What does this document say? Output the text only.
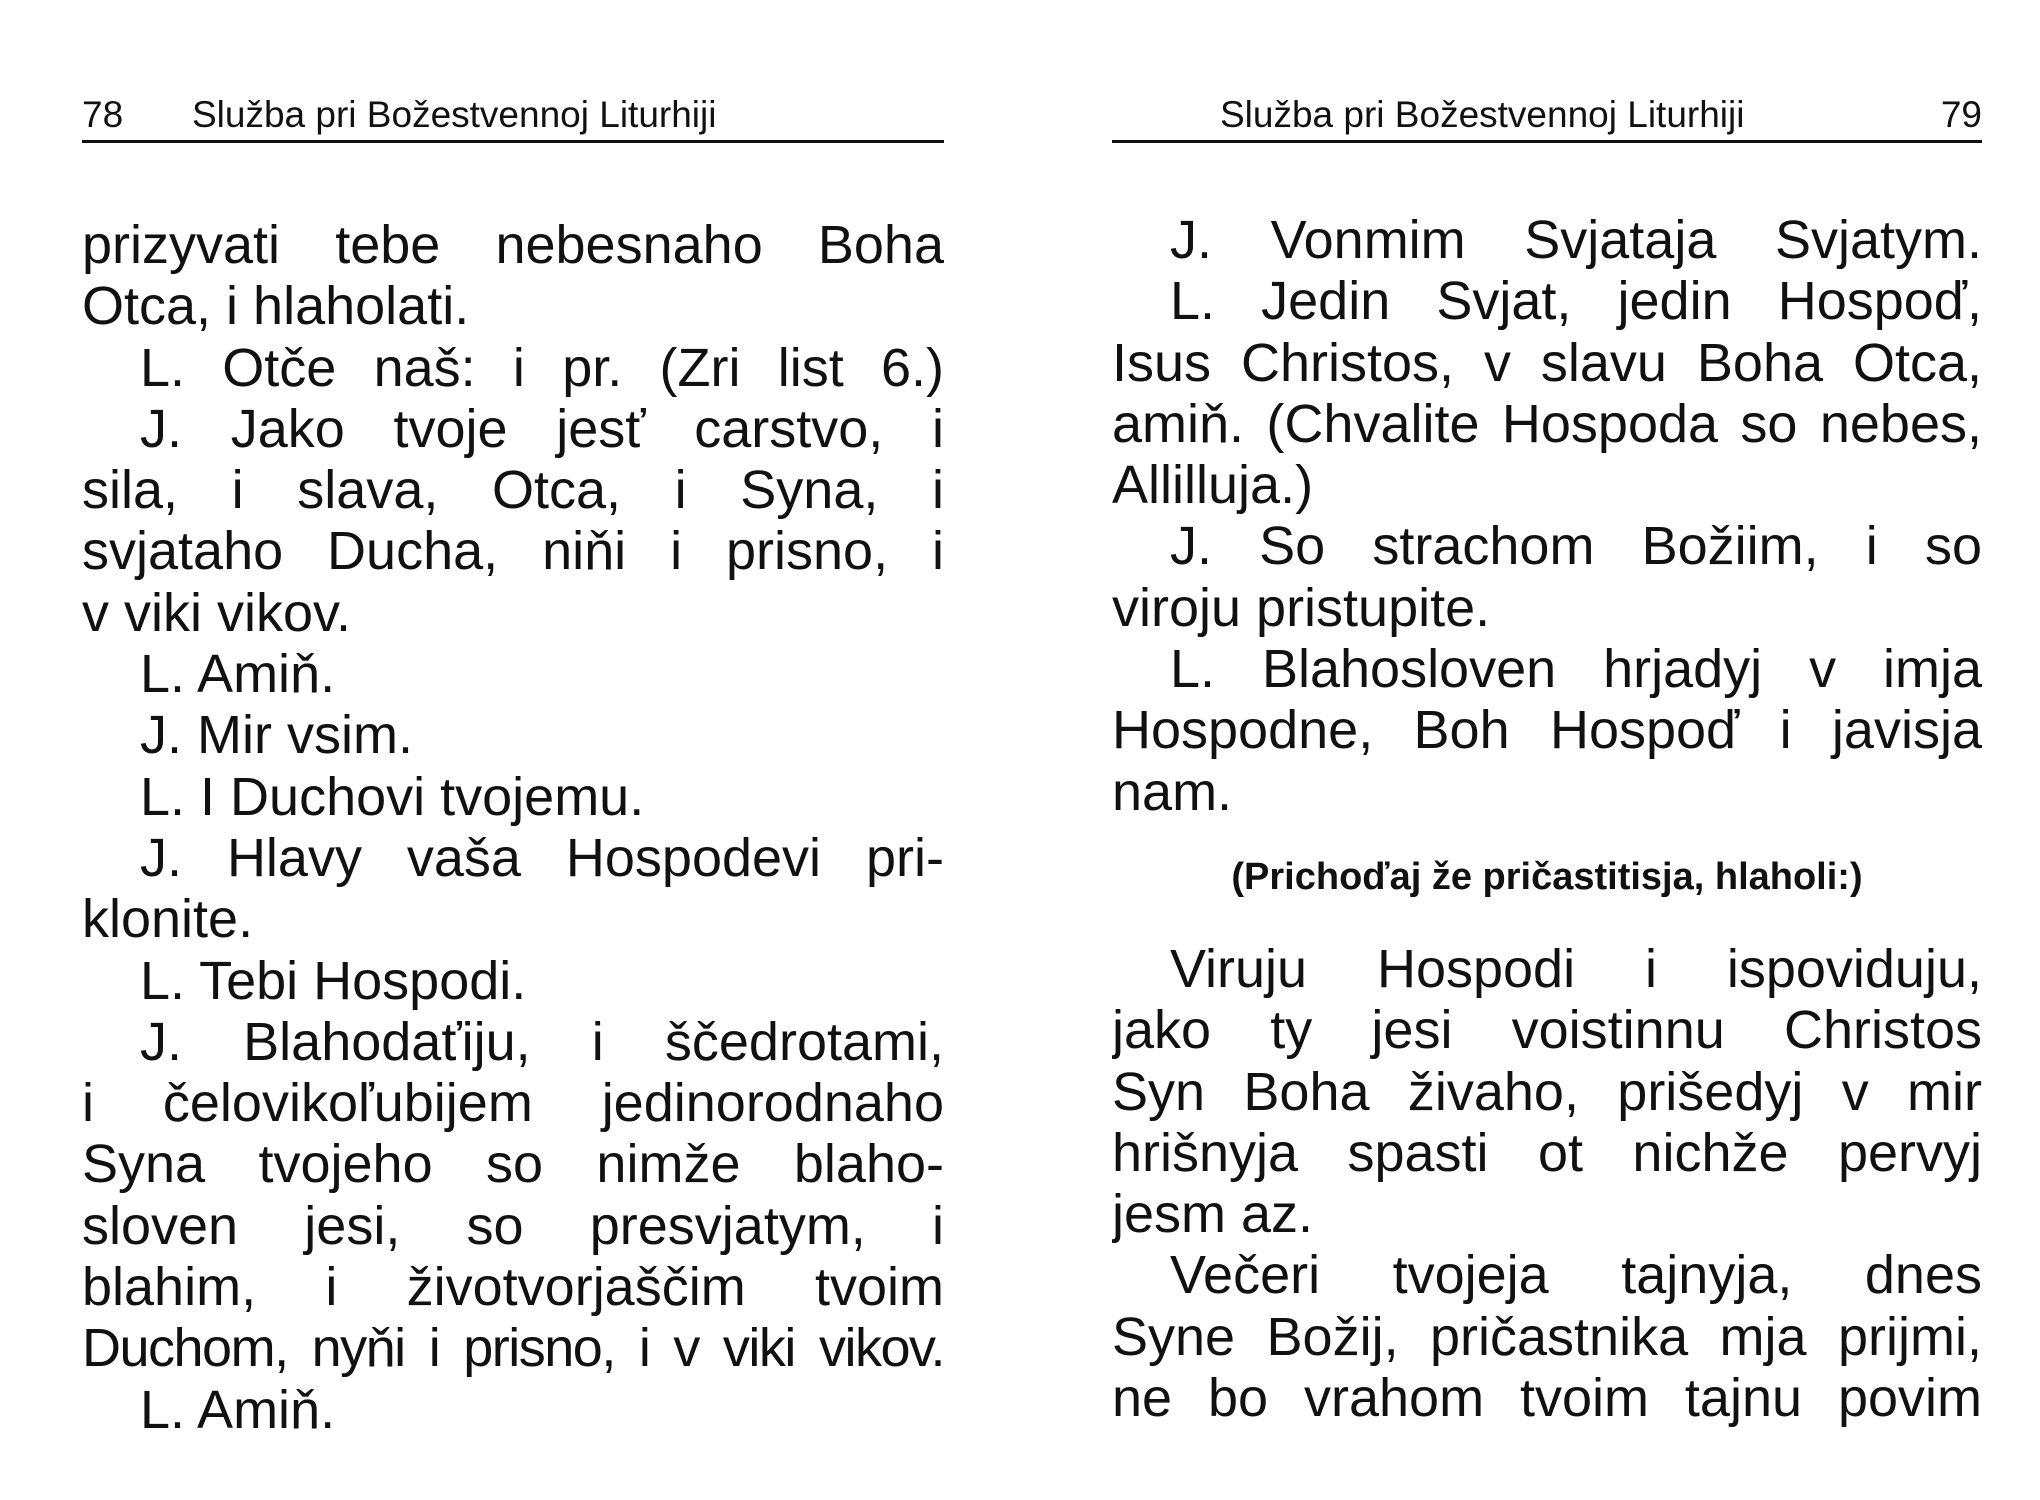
78 Služba pri Božestvennoj Liturhiji
prizyvati tebe nebesnaho Boha
Otca, i hlaholati.
L. Otče naš: i pr. (Zri list 6.)
J. Jako tvoje jesť carstvo, i
sila, i slava, Otca, i Syna, i
svjataho Ducha, niňi i prisno, i
v viki vikov.
L. Amiň.
J. Mir vsim.
L. I Duchovi tvojemu.
J. Hlavy vaša Hospodevi pri-
klonite.
L. Tebi Hospodi.
J. Blahodaťiju, i ščedrotami,
i čelovikoľubijem jedinorodnaho
Syna tvojeho so nimže blaho-
sloven jesi, so presvjatym, i
blahim, i životvorjaščim tvoim
Duchom, nyňi i prisno, i v viki vikov.
L. Amiň.
Služba pri Božestvennoj Liturhiji	79
J. Vonmim Svjataja Svjatym.
L. Jedin Svjat, jedin Hospoď,
Isus Christos, v slavu Boha Otca,
amiň. (Chvalite Hospoda so nebes,
Allilluja.)
J. So strachom Božiim, i so
viroju pristupite.
L. Blahosloven hrjadyj v imja
Hospodne, Boh Hospoď i javisja
nam.
(Prichoďaj že pričastitisja, hlaholi:)
Viruju Hospodi i ispoviduju,
jako ty jesi voistinnu Christos
Syn Boha živaho, prišedyj v mir
hrišnyja spasti ot nichže pervyj
jesm az.
Večeri tvojeja tajnyja, dnes
Syne Božij, pričastnika mja prijmi,
ne bo vrahom tvoim tajnu povim
